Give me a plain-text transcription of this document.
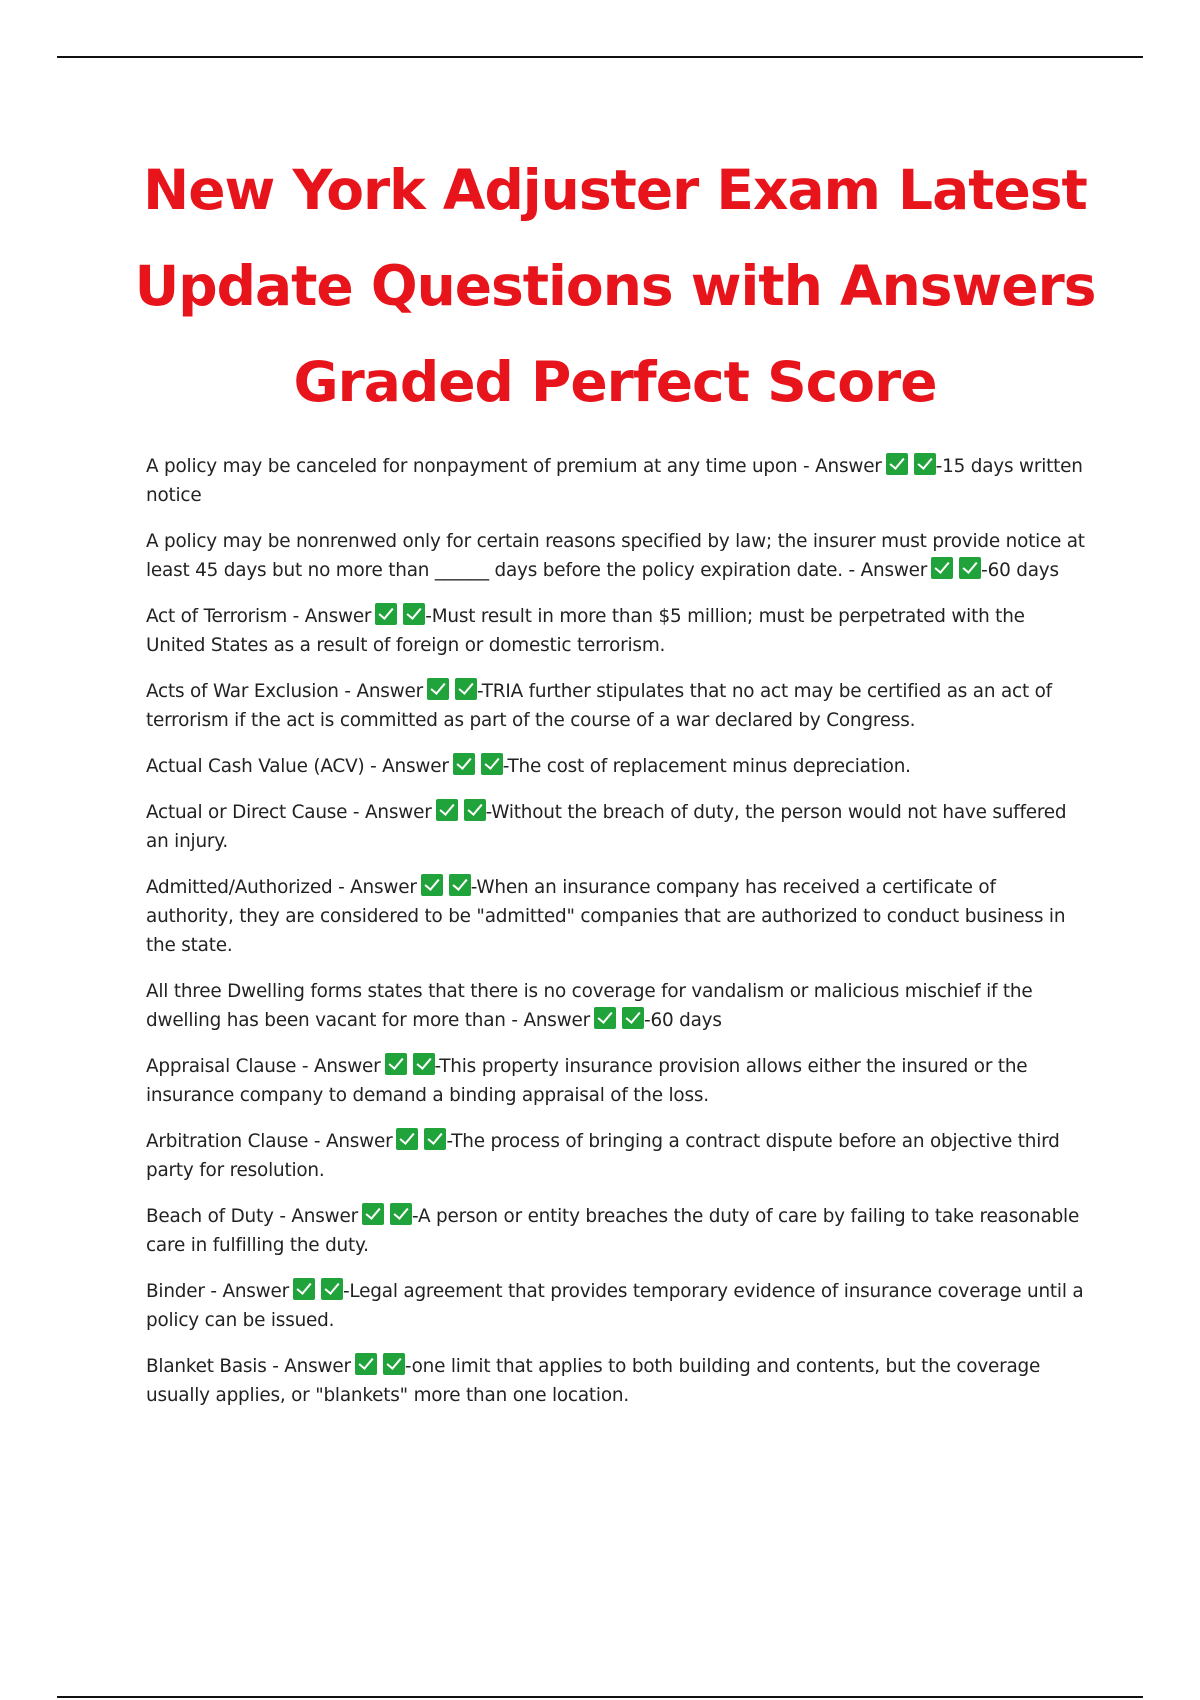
New York Adjuster Exam Latest Update Questions with Answers Graded Perfect Score

A policy may be canceled for nonpayment of premium at any time upon - Answer	-15 days written notice

A policy may be nonrenwed only for certain reasons specified by law; the insurer must provide notice at least 45 days but no more than ______ days before the policy expiration date. - Answer	-60 days

Act of Terrorism - Answer	-Must result in more than $5 million; must be perpetrated with the United States as a result of foreign or domestic terrorism.

Acts of War Exclusion - Answer	-TRIA further stipulates that no act may be certified as an act of terrorism if the act is committed as part of the course of a war declared by Congress.

Actual Cash Value (ACV) - Answer	-The cost of replacement minus depreciation.

Actual or Direct Cause - Answer	-Without the breach of duty, the person would not have suffered an injury.

Admitted/Authorized - Answer	-When an insurance company has received a certificate of authority, they are considered to be "admitted" companies that are authorized to conduct business in the state.

All three Dwelling forms states that there is no coverage for vandalism or malicious mischief if the dwelling has been vacant for more than - Answer	-60 days

Appraisal Clause - Answer	-This property insurance provision allows either the insured or the insurance company to demand a binding appraisal of the loss.

Arbitration Clause - Answer	-The process of bringing a contract dispute before an objective third party for resolution.

Beach of Duty - Answer	-A person or entity breaches the duty of care by failing to take reasonable care in fulfilling the duty.

Binder - Answer	-Legal agreement that provides temporary evidence of insurance coverage until a policy can be issued.

Blanket Basis - Answer	-one limit that applies to both building and contents, but the coverage usually applies, or "blankets" more than one location.
